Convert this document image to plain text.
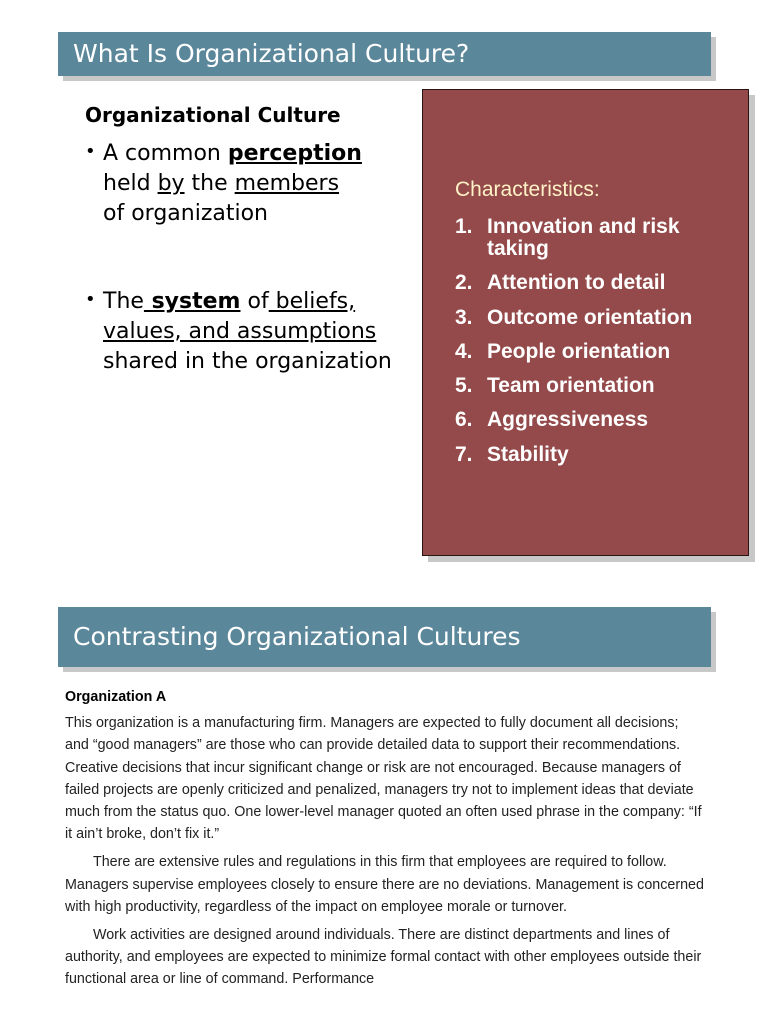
What Is Organizational Culture?
Organizational Culture
• A common perception
held by the members
of organization
• The system of beliefs,
values, and assumptions
shared in the organization
Characteristics:
1. Innovation and risk taking
2. Attention to detail
3. Outcome orientation
4. People orientation
5. Team orientation
6. Aggressiveness
7. Stability
Contrasting Organizational Cultures
Organization A

This organization is a manufacturing firm. Managers are expected to fully document all decisions; and “good managers” are those who can provide detailed data to support their recommendations. Creative decisions that incur significant change or risk are not encouraged. Because managers of failed projects are openly criticized and penalized, managers try not to implement ideas that deviate much from the status quo. One lower-level manager quoted an often used phrase in the company: “If it ain’t broke, don’t fix it.”

There are extensive rules and regulations in this firm that employees are required to follow. Managers supervise employees closely to ensure there are no deviations. Management is concerned with high productivity, regardless of the impact on employee morale or turnover.

Work activities are designed around individuals. There are distinct departments and lines of authority, and employees are expected to minimize formal contact with other employees outside their functional area or line of command. Performance
